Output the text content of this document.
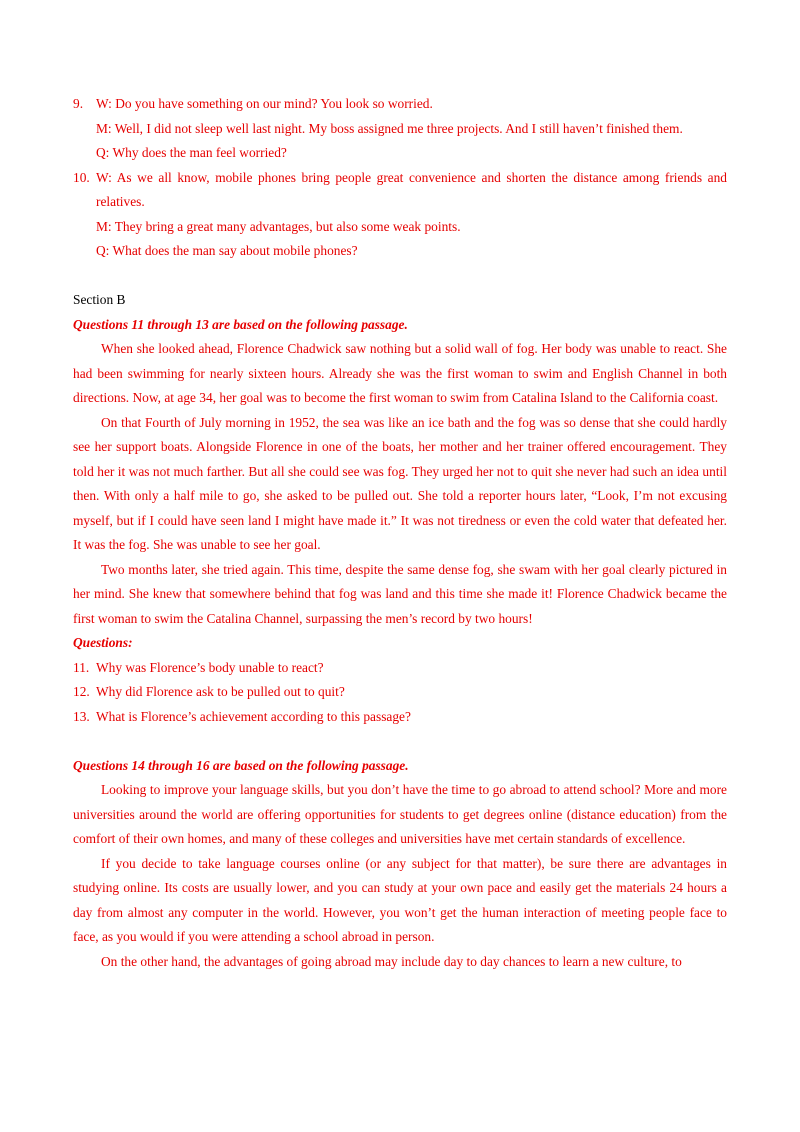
9. W: Do you have something on our mind? You look so worried.
M: Well, I did not sleep well last night. My boss assigned me three projects. And I still haven’t finished them.
Q: Why does the man feel worried?
10. W: As we all know, mobile phones bring people great convenience and shorten the distance among friends and relatives.
M: They bring a great many advantages, but also some weak points.
Q: What does the man say about mobile phones?
Section B
Questions 11 through 13 are based on the following passage.
When she looked ahead, Florence Chadwick saw nothing but a solid wall of fog. Her body was unable to react. She had been swimming for nearly sixteen hours. Already she was the first woman to swim and English Channel in both directions. Now, at age 34, her goal was to become the first woman to swim from Catalina Island to the California coast.
On that Fourth of July morning in 1952, the sea was like an ice bath and the fog was so dense that she could hardly see her support boats. Alongside Florence in one of the boats, her mother and her trainer offered encouragement. They told her it was not much farther. But all she could see was fog. They urged her not to quit she never had such an idea until then. With only a half mile to go, she asked to be pulled out. She told a reporter hours later, “Look, I’m not excusing myself, but if I could have seen land I might have made it.” It was not tiredness or even the cold water that defeated her. It was the fog. She was unable to see her goal.
Two months later, she tried again. This time, despite the same dense fog, she swam with her goal clearly pictured in her mind. She knew that somewhere behind that fog was land and this time she made it! Florence Chadwick became the first woman to swim the Catalina Channel, surpassing the men’s record by two hours!
Questions:
11. Why was Florence’s body unable to react?
12. Why did Florence ask to be pulled out to quit?
13. What is Florence’s achievement according to this passage?
Questions 14 through 16 are based on the following passage.
Looking to improve your language skills, but you don’t have the time to go abroad to attend school? More and more universities around the world are offering opportunities for students to get degrees online (distance education) from the comfort of their own homes, and many of these colleges and universities have met certain standards of excellence.
If you decide to take language courses online (or any subject for that matter), be sure there are advantages in studying online. Its costs are usually lower, and you can study at your own pace and easily get the materials 24 hours a day from almost any computer in the world. However, you won’t get the human interaction of meeting people face to face, as you would if you were attending a school abroad in person.
On the other hand, the advantages of going abroad may include day to day chances to learn a new culture, to
